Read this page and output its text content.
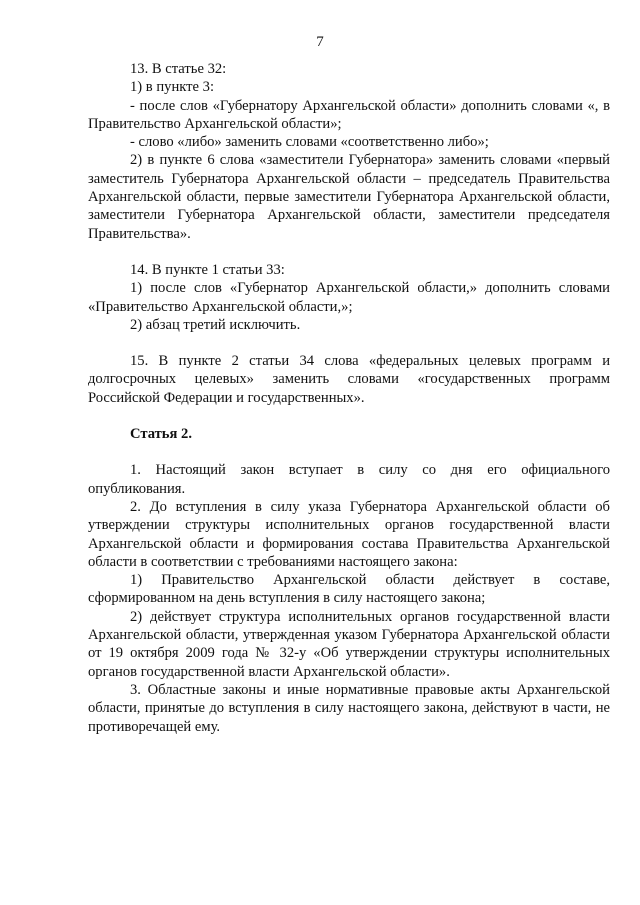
7

13. В статье 32:

1) в пункте 3:

- после слов «Губернатору Архангельской области» дополнить словами «, в Правительство Архангельской области»;

- слово «либо» заменить словами «соответственно либо»;

2) в пункте 6 слова «заместители Губернатора» заменить словами «первый заместитель Губернатора Архангельской области – председатель Правительства Архангельской области, первые заместители Губернатора Архангельской области, заместители Губернатора Архангельской области, заместители председателя Правительства».

14. В пункте 1 статьи 33:

1) после слов «Губернатор Архангельской области,» дополнить словами «Правительство Архангельской области,»;

2) абзац третий исключить.

15. В пункте 2 статьи 34 слова «федеральных целевых программ и долгосрочных целевых» заменить словами «государственных программ Российской Федерации и государственных».

Статья 2.

1. Настоящий закон вступает в силу со дня его официального опубликования.

2. До вступления в силу указа Губернатора Архангельской области об утверждении структуры исполнительных органов государственной власти Архангельской области и формирования состава Правительства Архангельской области в соответствии с требованиями настоящего закона:

1) Правительство Архангельской области действует в составе, сформированном на день вступления в силу настоящего закона;

2) действует структура исполнительных органов государственной власти Архангельской области, утвержденная указом Губернатора Архангельской области от 19 октября 2009 года № 32-у «Об утверждении структуры исполнительных органов государственной власти Архангельской области».

3. Областные законы и иные нормативные правовые акты Архангельской области, принятые до вступления в силу настоящего закона, действуют в части, не противоречащей ему.
